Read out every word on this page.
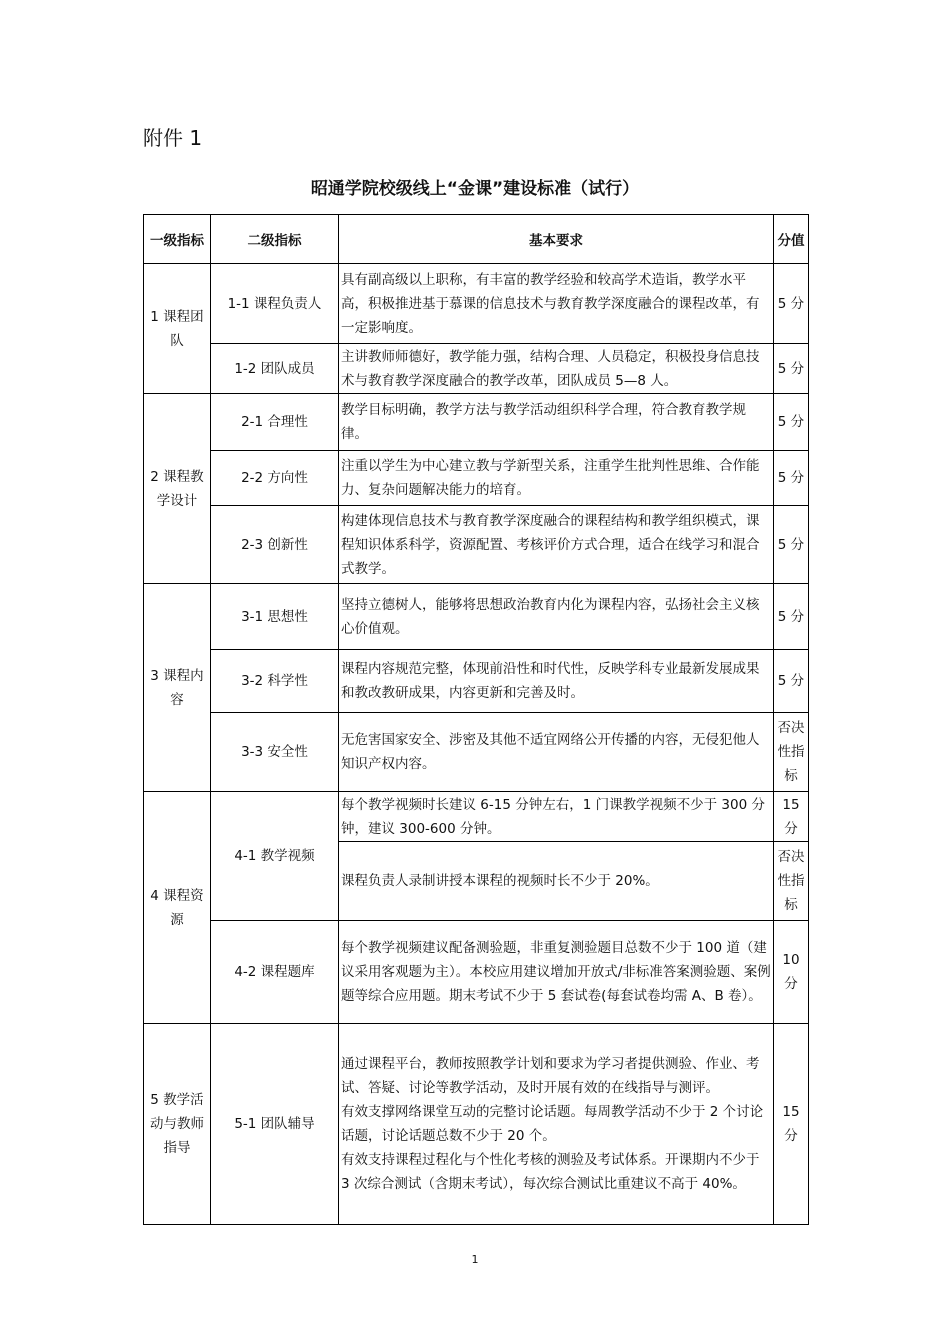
附件 1
昭通学院校级线上“金课”建设标准（试行）
一级指标	二级指标	基本要求	分值
1 课程团队	1-1 课程负责人	具有副高级以上职称，有丰富的教学经验和较高学术造诣，教学水平高，积极推进基于慕课的信息技术与教育教学深度融合的课程改革，有一定影响度。	5 分
	1-2 团队成员	主讲教师师德好，教学能力强，结构合理、人员稳定，积极投身信息技术与教育教学深度融合的教学改革，团队成员 5—8 人。	5 分
2 课程教学设计	2-1 合理性	教学目标明确，教学方法与教学活动组织科学合理，符合教育教学规律。	5 分
	2-2 方向性	注重以学生为中心建立教与学新型关系，注重学生批判性思维、合作能力、复杂问题解决能力的培育。	5 分
	2-3 创新性	构建体现信息技术与教育教学深度融合的课程结构和教学组织模式，课程知识体系科学，资源配置、考核评价方式合理，适合在线学习和混合式教学。	5 分
3 课程内容	3-1 思想性	坚持立德树人，能够将思想政治教育内化为课程内容，弘扬社会主义核心价值观。	5 分
	3-2 科学性	课程内容规范完整，体现前沿性和时代性，反映学科专业最新发展成果和教改教研成果，内容更新和完善及时。	5 分
	3-3 安全性	无危害国家安全、涉密及其他不适宜网络公开传播的内容，无侵犯他人知识产权内容。	否决性指标
4 课程资源	4-1 教学视频	每个教学视频时长建议 6-15 分钟左右，1 门课教学视频不少于 300 分钟，建议 300-600 分钟。	15 分
		课程负责人录制讲授本课程的视频时长不少于 20%。	否决性指标
	4-2 课程题库	每个教学视频建议配备测验题，非重复测验题目总数不少于 100 道（建议采用客观题为主）。本校应用建议增加开放式/非标准答案测验题、案例题等综合应用题。期末考试不少于 5 套试卷(每套试卷均需 A、B 卷）。	10 分
5 教学活动与教师指导	5-1 团队辅导	通过课程平台，教师按照教学计划和要求为学习者提供测验、作业、考试、答疑、讨论等教学活动，及时开展有效的在线指导与测评。
有效支撑网络课堂互动的完整讨论话题。每周教学活动不少于 2 个讨论话题，讨论话题总数不少于 20 个。
有效支持课程过程化与个性化考核的测验及考试体系。开课期内不少于 3 次综合测试（含期末考试），每次综合测试比重建议不高于 40%。	15 分
1
